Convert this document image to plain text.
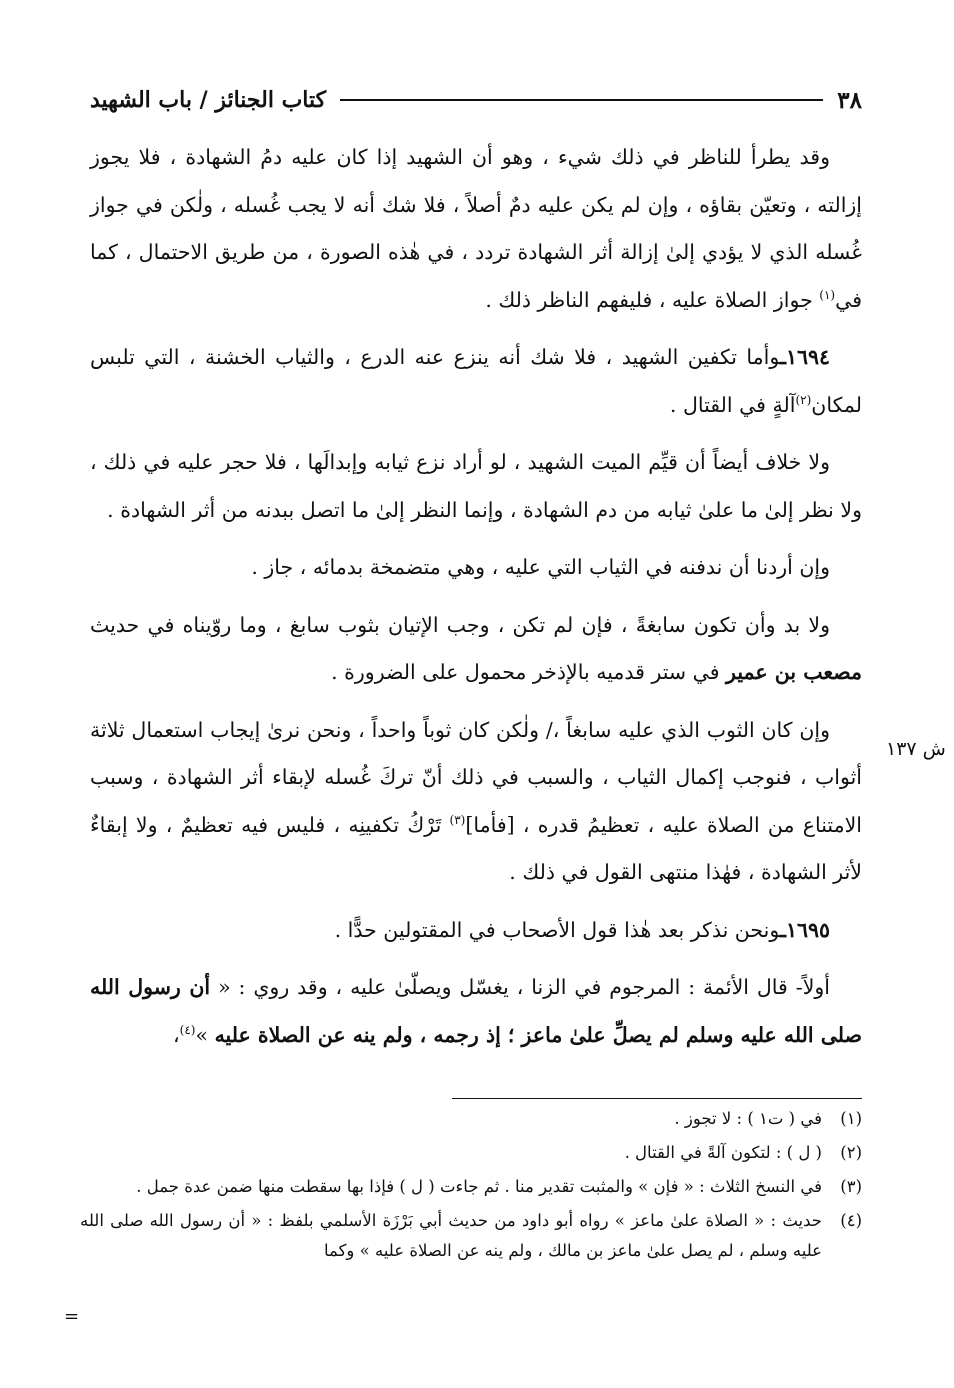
٣٨
كتاب الجنائز / باب الشهيد
ش ١٣٧

وقد يطرأ للناظر في ذلك شيء ، وهو أن الشهيد إذا كان عليه دمُ الشهادة ، فلا يجوز إزالته ، وتعيّن بقاؤه ، وإن لم يكن عليه دمٌ أصلاً ، فلا شك أنه لا يجب غُسله ، ولٰكن في جواز غُسله الذي لا يؤدي إلىٰ إزالة أثر الشهادة تردد ، في هٰذه الصورة ، من طريق الاحتمال ، كما في$^{(١)}$ جواز الصلاة عليه ، فليفهم الناظر ذلك .

١٦٩٤ـوأما تكفين الشهيد ، فلا شك أنه ينزع عنه الدرع ، والثياب الخشنة ، التي تلبس لمكان$^{(٢)}$آلةٍ في القتال .

ولا خلاف أيضاً أن قيِّم الميت الشهيد ، لو أراد نزع ثيابه وإبدالَها ، فلا حجر عليه في ذلك ، ولا نظر إلىٰ ما علىٰ ثيابه من دم الشهادة ، وإنما النظر إلىٰ ما اتصل ببدنه من أثر الشهادة .

وإن أردنا أن ندفنه في الثياب التي عليه ، وهي متضمخة بدمائه ، جاز .

ولا بد وأن تكون سابغةً ، فإن لم تكن ، وجب الإتيان بثوب سابغ ، وما روّيناه في حديث مصعب بن عمير في ستر قدميه بالإذخر محمول على الضرورة .

وإن كان الثوب الذي عليه سابغاً ،/ ولٰكن كان ثوباً واحداً ، ونحن نرىٰ إيجاب استعمال ثلاثة أثواب ، فنوجب إكمال الثياب ، والسبب في ذلك أنّ تركَ غُسله لإبقاء أثر الشهادة ، وسبب الامتناع من الصلاة عليه ، تعظيمُ قدره ، [فأما]$^{(٣)}$ تَرْكُ تكفينِه ، فليس فيه تعظيمٌ ، ولا إبقاءٌ لأثر الشهادة ، فهٰذا منتهى القول في ذلك .

١٦٩٥ـونحن نذكر بعد هٰذا قول الأصحاب في المقتولين حدًّا .

أولاً- قال الأئمة : المرجوم في الزنا ، يغسّل ويصلّىٰ عليه ، وقد روي : « أن رسول الله صلى الله عليه وسلم لم يصلِّ علىٰ ماعز ؛ إذ رجمه ، ولم ينه عن الصلاة عليه »$^{(٤)}$،

(١)
في ( ت١ ) : لا تجوز .
(٢)
( ل ) : لتكون آلةً في القتال .
(٣)
في النسخ الثلاث : « فإن » والمثبت تقدير منا . ثم جاءت ( ل ) فإذا بها سقطت منها ضمن عدة جمل .
(٤)
حديث : « الصلاة علىٰ ماعز » رواه أبو داود من حديث أبي بَرْزَة الأسلمي بلفظ : « أن رسول الله صلى الله عليه وسلم ، لم يصل علىٰ ماعز بن مالك ، ولم ينه عن الصلاة عليه » وكما
=
